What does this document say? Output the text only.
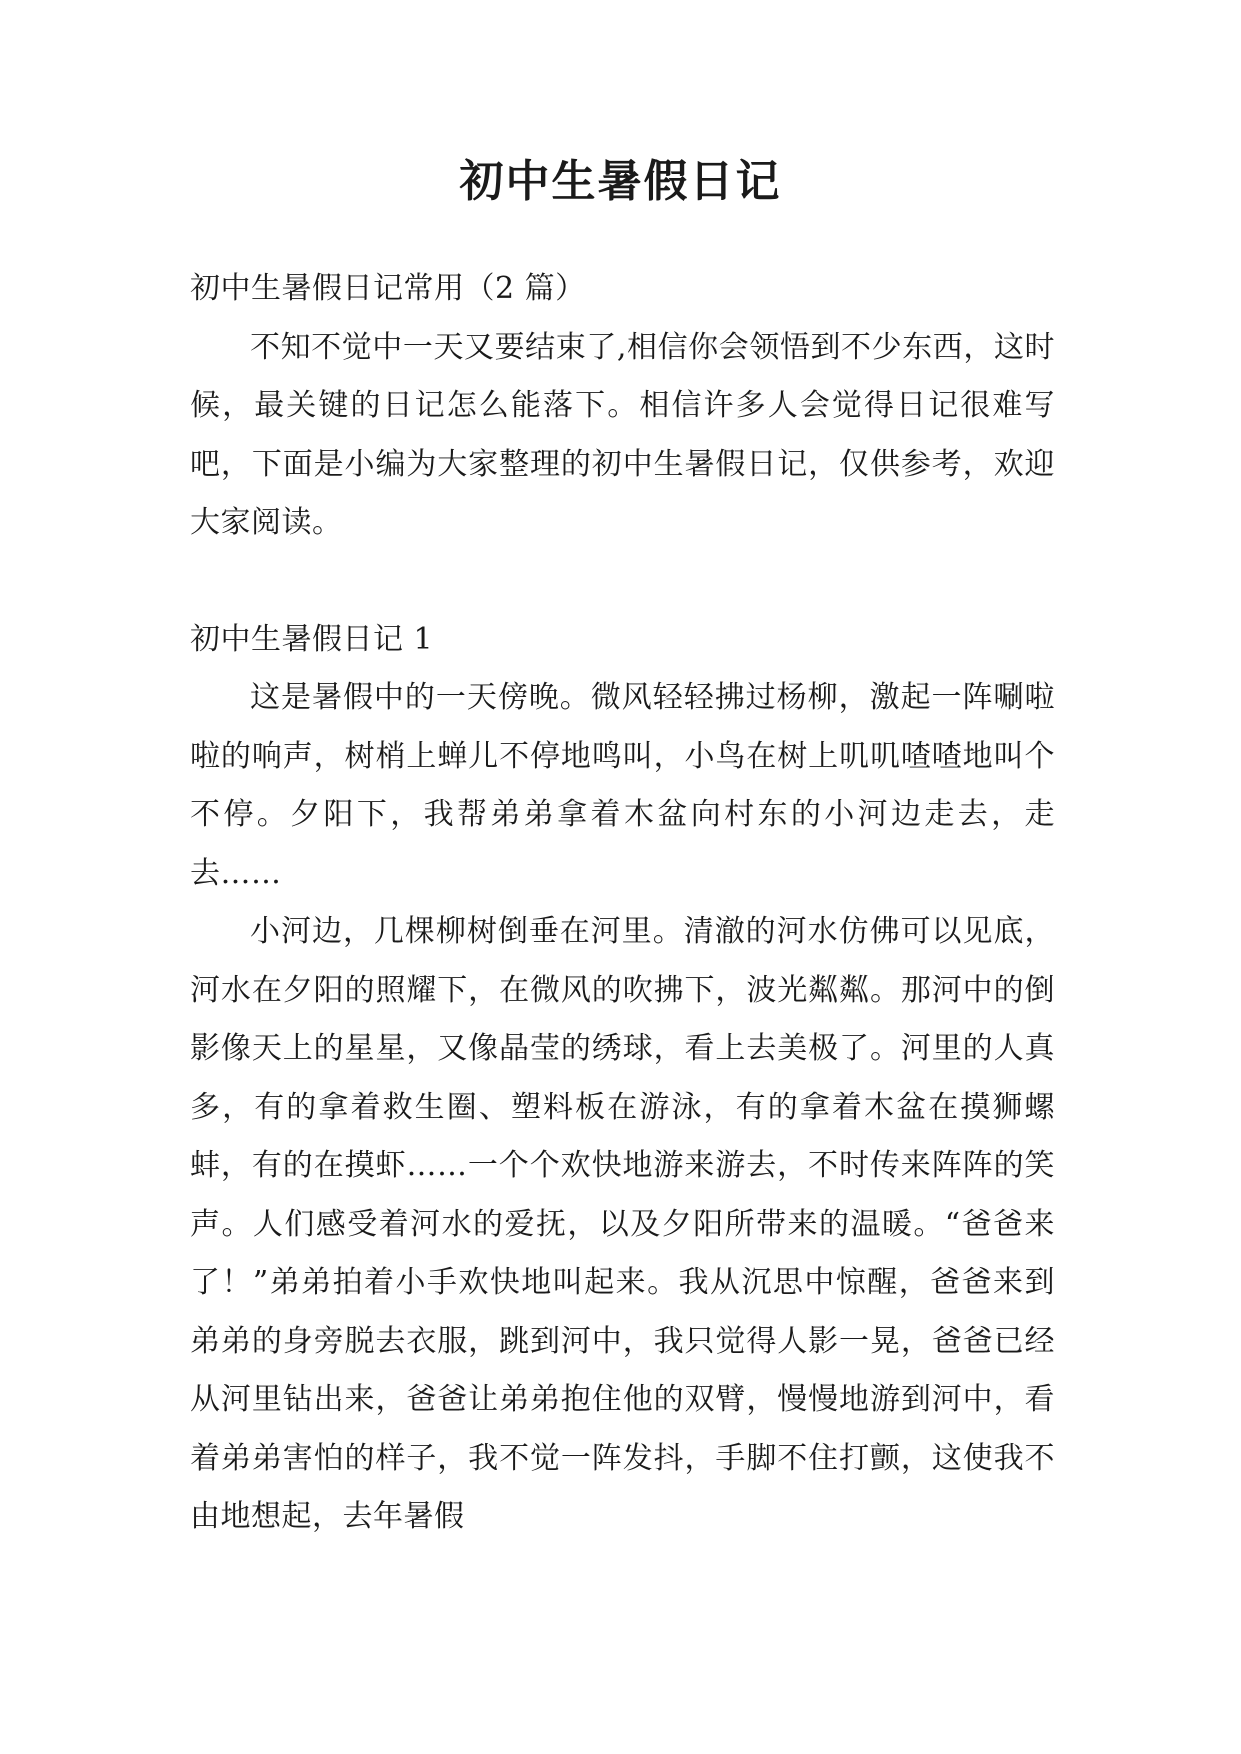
初中生暑假日记

初中生暑假日记常用（2 篇）

不知不觉中一天又要结束了,相信你会领悟到不少东西，这时候，最关键的日记怎么能落下。相信许多人会觉得日记很难写吧，下面是小编为大家整理的初中生暑假日记，仅供参考，欢迎大家阅读。

初中生暑假日记 1

这是暑假中的一天傍晚。微风轻轻拂过杨柳，激起一阵唰啦啦的响声，树梢上蝉儿不停地鸣叫，小鸟在树上叽叽喳喳地叫个不停。夕阳下，我帮弟弟拿着木盆向村东的小河边走去，走去……

小河边，几棵柳树倒垂在河里。清澈的河水仿佛可以见底，河水在夕阳的照耀下，在微风的吹拂下，波光粼粼。那河中的倒影像天上的星星，又像晶莹的绣球，看上去美极了。河里的人真多，有的拿着救生圈、塑料板在游泳，有的拿着木盆在摸狮螺蚌，有的在摸虾……一个个欢快地游来游去，不时传来阵阵的笑声。人们感受着河水的爱抚，以及夕阳所带来的温暖。“爸爸来了！”弟弟拍着小手欢快地叫起来。我从沉思中惊醒，爸爸来到弟弟的身旁脱去衣服，跳到河中，我只觉得人影一晃，爸爸已经从河里钻出来，爸爸让弟弟抱住他的双臂，慢慢地游到河中，看着弟弟害怕的样子，我不觉一阵发抖，手脚不住打颤，这使我不由地想起，去年暑假
